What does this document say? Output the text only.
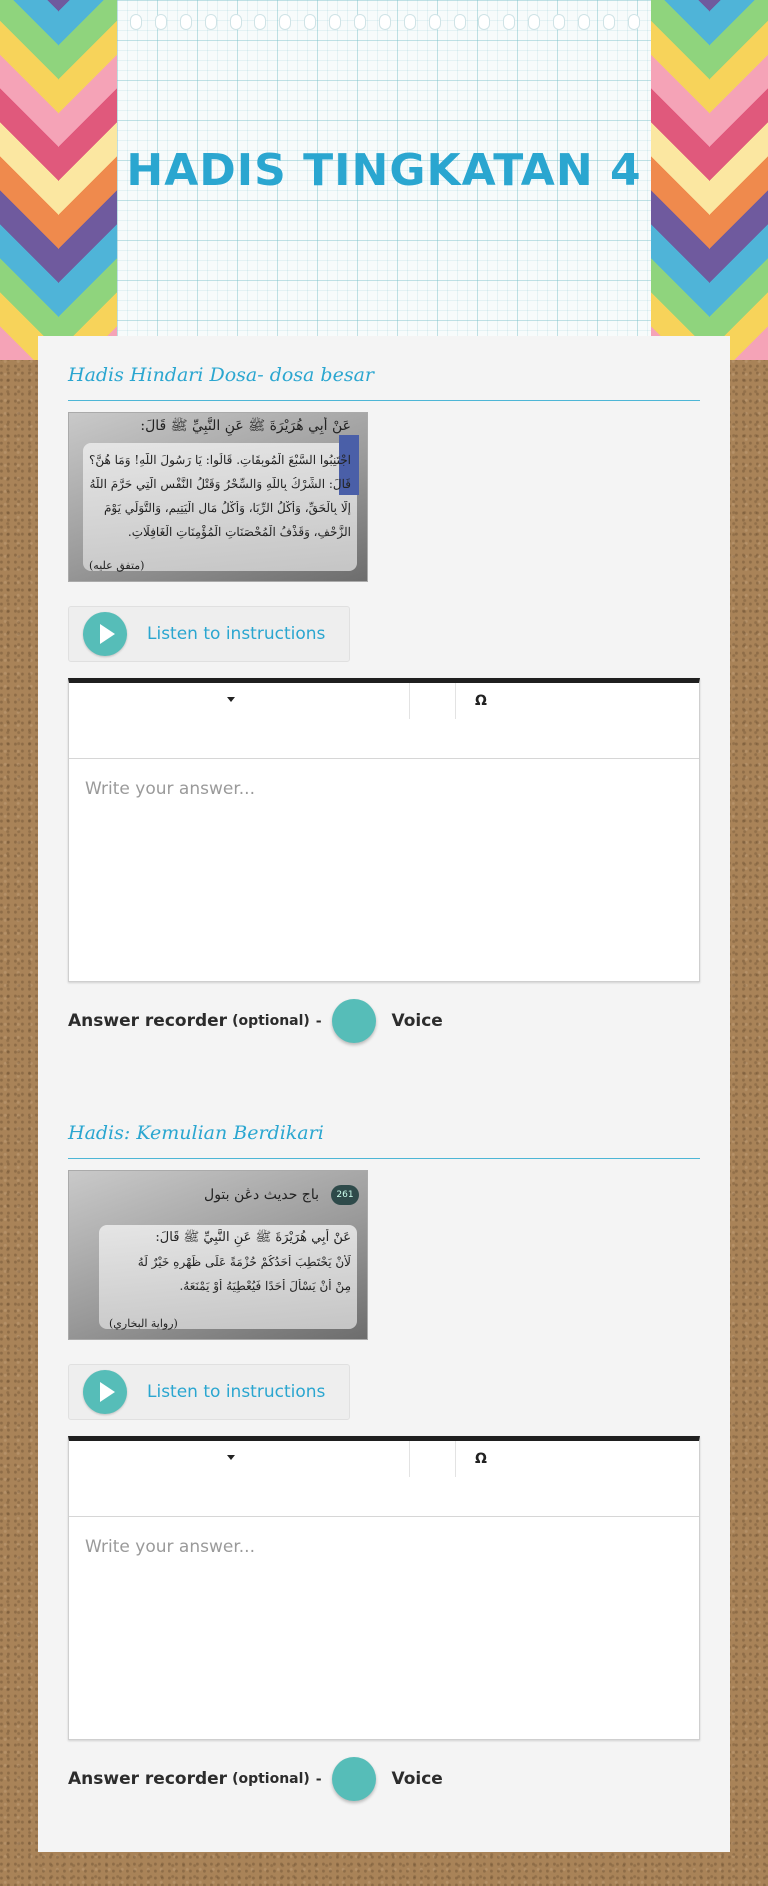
HADIS TINGKATAN 4
Hadis Hindari Dosa- dosa besar
عَنْ أَبِي هُرَيْرَةَ ﷺ عَنِ النَّبِيِّ ﷺ قَالَ:
اجْتَنِبُوا السَّبْعَ الْمُوبِقَاتِ. قَالُوا: يَا رَسُولَ اللَّهِ! وَمَا هُنَّ؟
قَالَ: الشِّرْكُ بِاللَّهِ وَالسِّحْرُ وَقَتْلُ النَّفْسِ الَّتِي حَرَّمَ اللَّهُ
إِلَّا بِالْحَقِّ، وَأَكْلُ الرِّبَا، وَأَكْلُ مَالِ الْيَتِيمِ، وَالتَّوَلِّي يَوْمَ
الزَّحْفِ، وَقَذْفُ الْمُحْصَنَاتِ الْمُؤْمِنَاتِ الْغَافِلَاتِ.
(متفق عليه)
Listen to instructions
Ω
Write your answer...
Answer recorder (optional) -	Voice
Hadis: Kemulian Berdikari
باج حديث دڠن بتول	261
عَنْ أَبِي هُرَيْرَةَ ﷺ عَنِ النَّبِيِّ ﷺ قَالَ:
لَأَنْ يَحْتَطِبَ أَحَدُكُمْ حُزْمَةً عَلَى ظَهْرِهِ خَيْرٌ لَهُ
مِنْ أَنْ يَسْأَلَ أَحَدًا فَيُعْطِيَهُ أَوْ يَمْنَعَهُ.
(رواية البخاري)
Listen to instructions
Ω
Write your answer...
Answer recorder (optional) -	Voice
